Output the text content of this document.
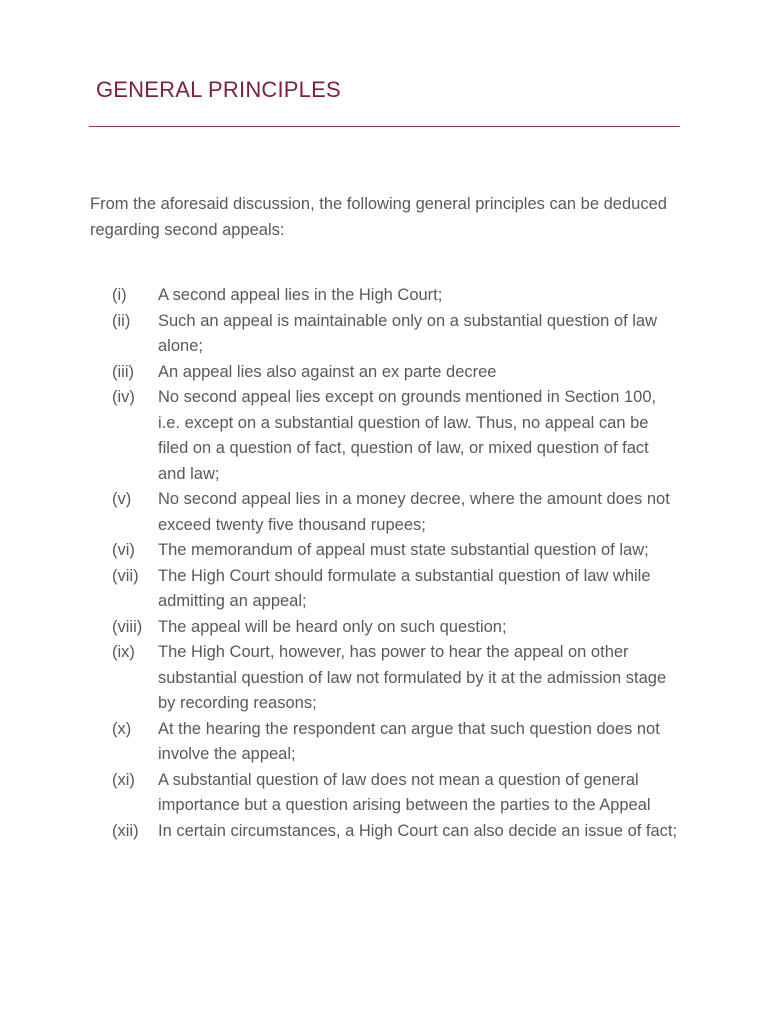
GENERAL PRINCIPLES

From the aforesaid discussion, the following general principles can be deduced regarding second appeals:

(i) A second appeal lies in the High Court;
(ii) Such an appeal is maintainable only on a substantial question of law alone;
(iii) An appeal lies also against an ex parte decree
(iv) No second appeal lies except on grounds mentioned in Section 100, i.e. except on a substantial question of law. Thus, no appeal can be filed on a question of fact, question of law, or mixed question of fact and law;
(v) No second appeal lies in a money decree, where the amount does not exceed twenty five thousand rupees;
(vi) The memorandum of appeal must state substantial question of law;
(vii) The High Court should formulate a substantial question of law while admitting an appeal;
(viii) The appeal will be heard only on such question;
(ix) The High Court, however, has power to hear the appeal on other substantial question of law not formulated by it at the admission stage by recording reasons;
(x) At the hearing the respondent can argue that such question does not involve the appeal;
(xi) A substantial question of law does not mean a question of general importance but a question arising between the parties to the Appeal
(xii) In certain circumstances, a High Court can also decide an issue of fact;
